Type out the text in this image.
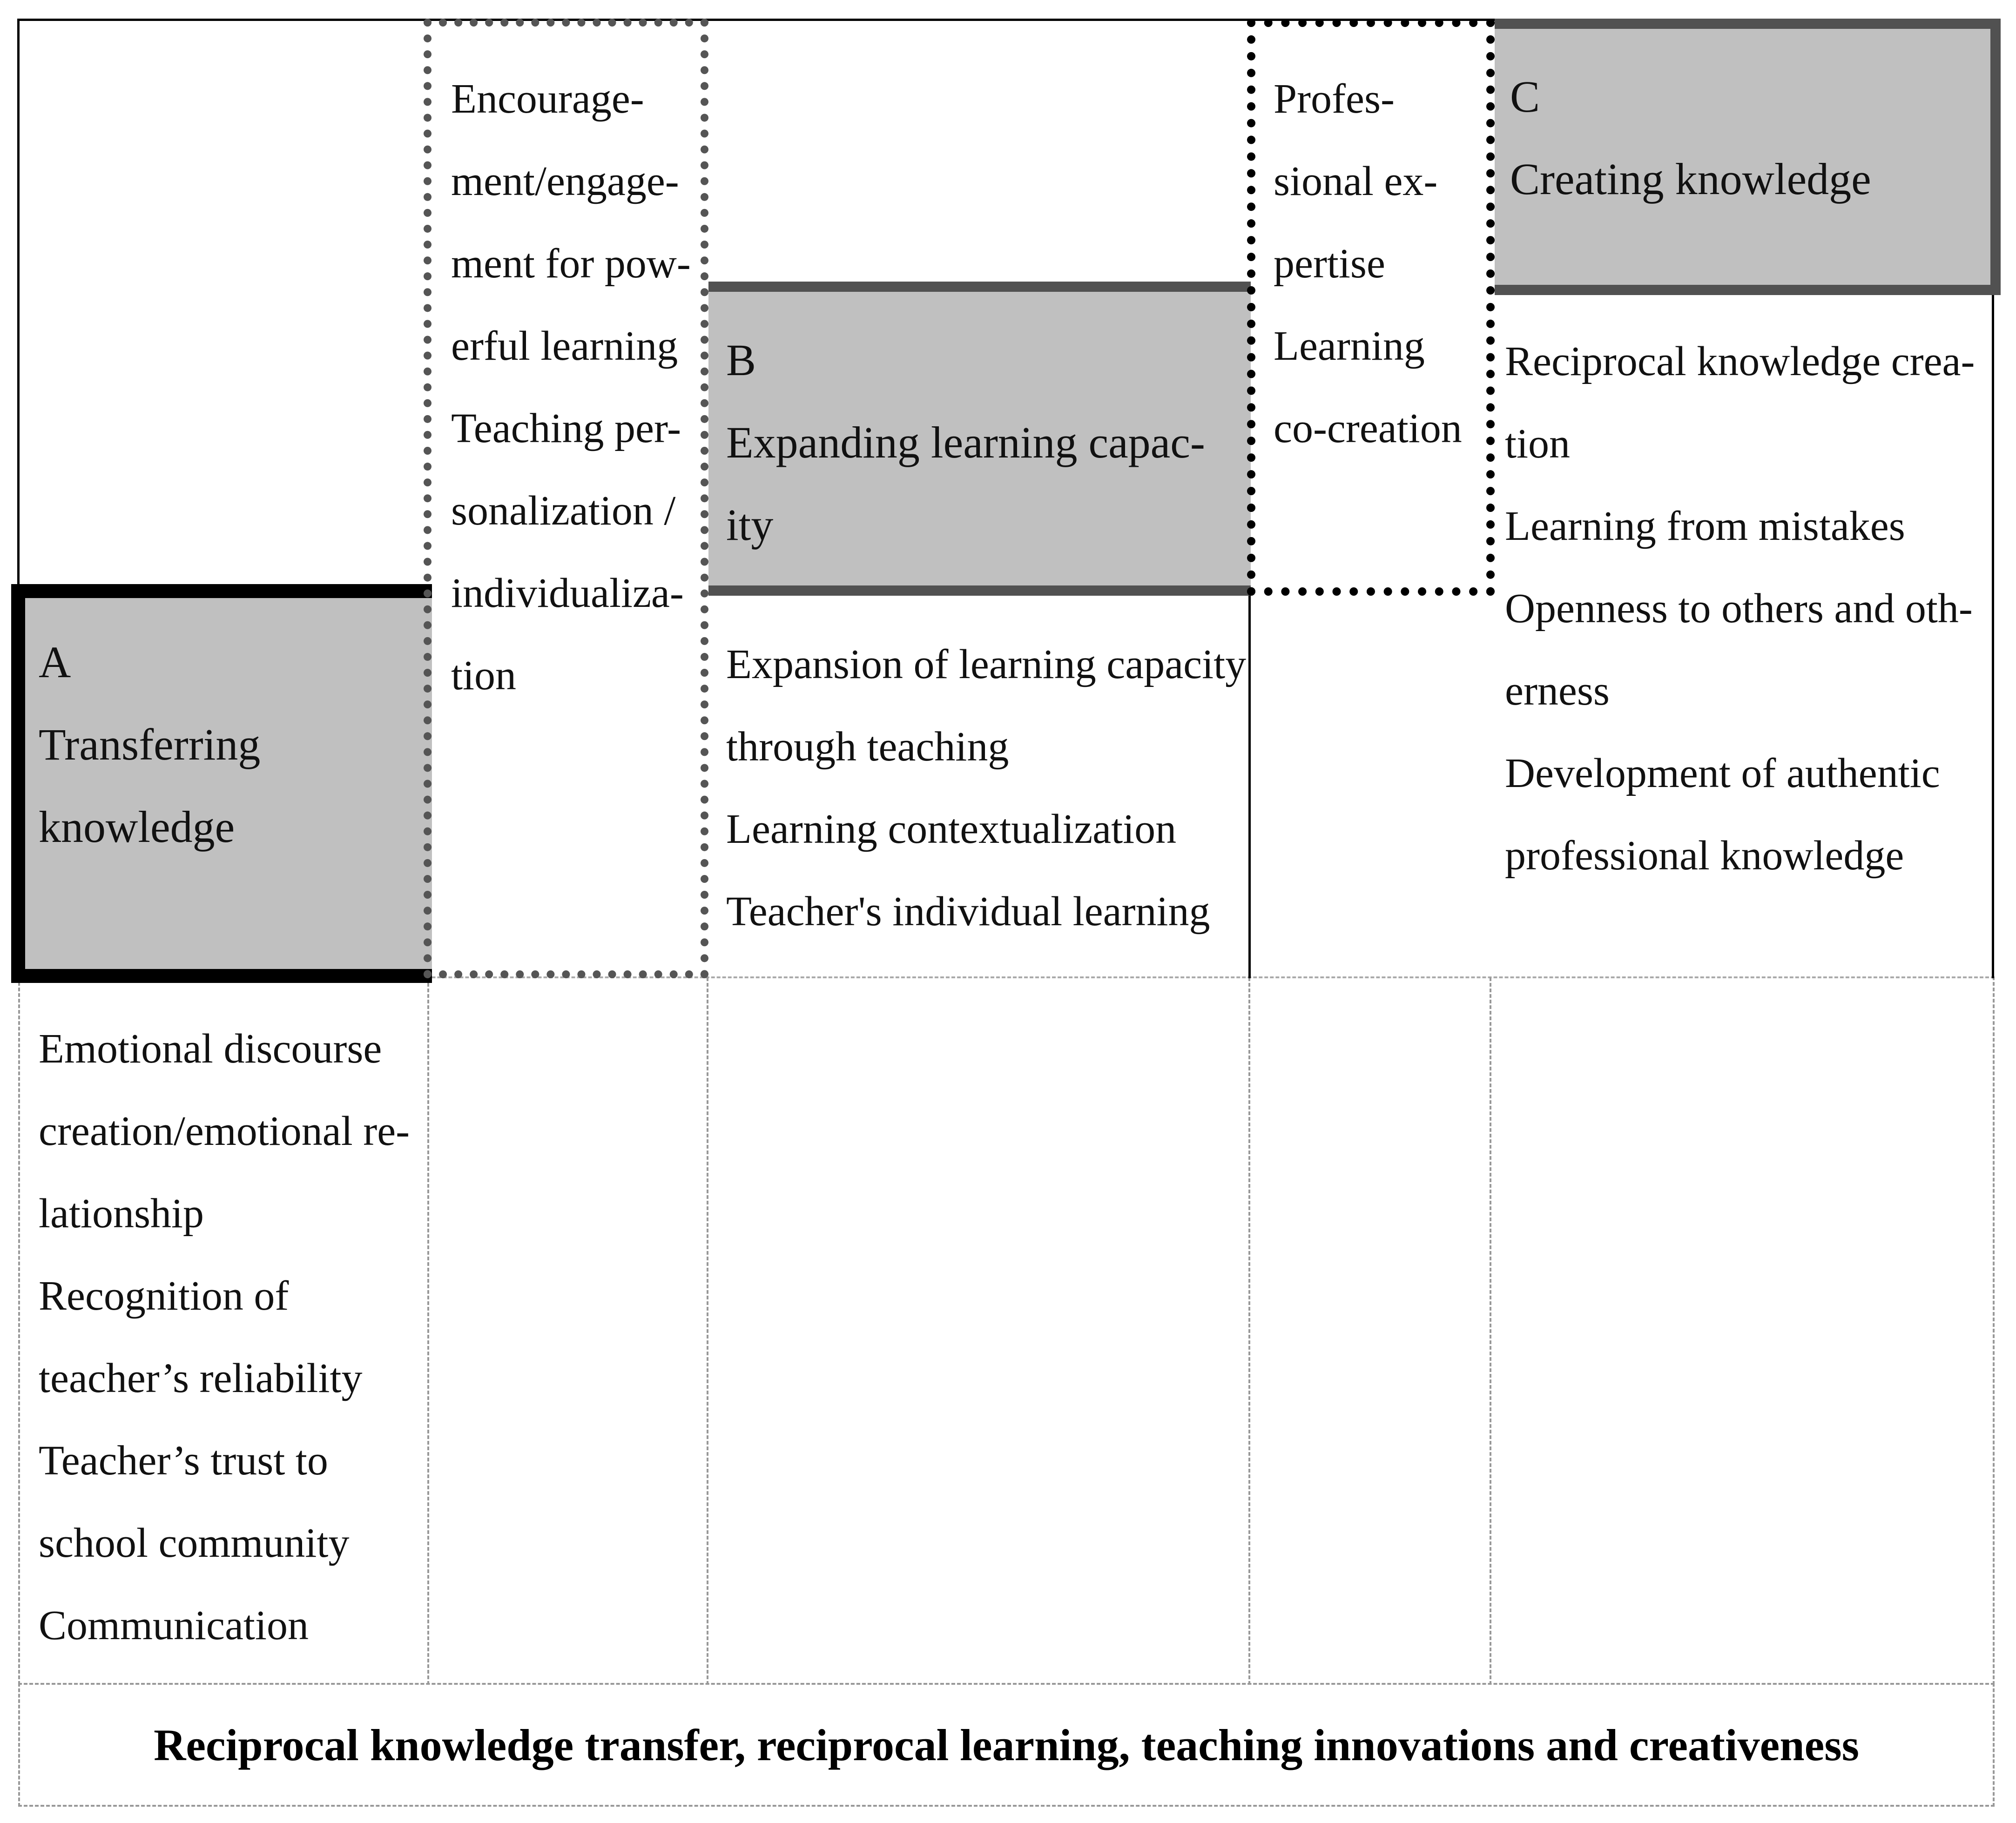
A
Transferring
knowledge
Emotional discourse
creation/emotional re-
lationship
Recognition of
teacher’s reliability
Teacher’s trust to
school community
Communication
Encourage-
ment/engage-
ment for pow-
erful learning
Teaching per-
sonalization /
individualiza-
tion
B
Expanding learning capac-
ity
Expansion of learning capacity
through teaching
Learning contextualization
Teacher's individual learning
Profes-
sional ex-
pertise
Learning
co-creation
C
Creating knowledge
Reciprocal knowledge crea-
tion
Learning from mistakes
Openness to others and oth-
erness
Development of authentic
professional knowledge
Reciprocal knowledge transfer, reciprocal learning, teaching innovations and creativeness
